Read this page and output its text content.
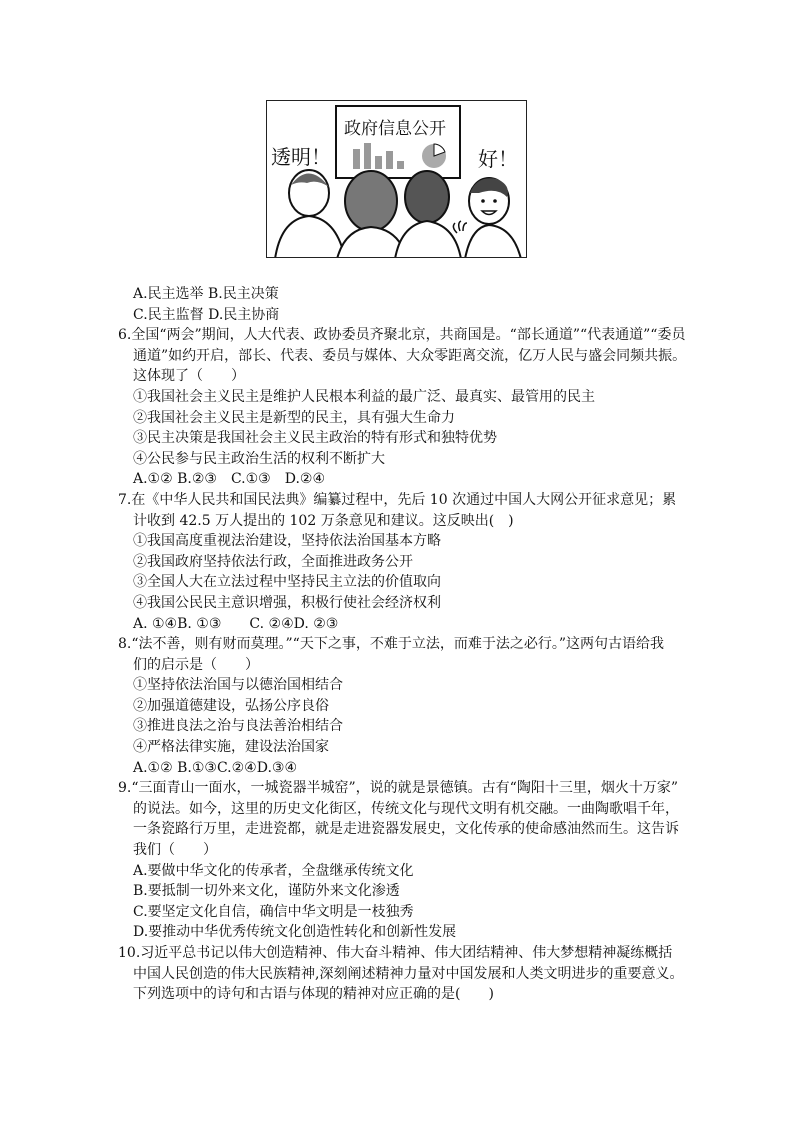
透明！	好！
政府信息公开
A.民主选举 B.民主决策
C.民主监督 D.民主协商
6.全国“两会”期间，人大代表、政协委员齐聚北京，共商国是。“部长通道”“代表通道”“委员
通道”如约开启，部长、代表、委员与媒体、大众零距离交流，亿万人民与盛会同频共振。
这体现了（　　）
①我国社会主义民主是维护人民根本利益的最广泛、最真实、最管用的民主
②我国社会主义民主是新型的民主，具有强大生命力
③民主决策是我国社会主义民主政治的特有形式和独特优势
④公民参与民主政治生活的权利不断扩大
A.①② B.②③　C.①③　D.②④
7.在《中华人民共和国民法典》编纂过程中，先后 10 次通过中国人大网公开征求意见；累
计收到 42.5 万人提出的 102 万条意见和建议。这反映出(　)
①我国高度重视法治建设，坚持依法治国基本方略
②我国政府坚持依法行政，全面推进政务公开
③全国人大在立法过程中坚持民主立法的价值取向
④我国公民民主意识增强，积极行使社会经济权利
A. ①④B. ①③　　C. ②④D. ②③
8.“法不善，则有财而莫理。”“天下之事，不难于立法，而难于法之必行。”这两句古语给我
们的启示是（　　）
①坚持依法治国与以德治国相结合
②加强道德建设，弘扬公序良俗
③推进良法之治与良法善治相结合
④严格法律实施，建设法治国家
A.①② B.①③C.②④D.③④
9.“三面青山一面水，一城瓷器半城窑”，说的就是景德镇。古有“陶阳十三里，烟火十万家”
的说法。如今，这里的历史文化街区，传统文化与现代文明有机交融。一曲陶歌唱千年，
一条瓷路行万里，走进瓷都，就是走进瓷器发展史，文化传承的使命感油然而生。这告诉
我们（　　）
A.要做中华文化的传承者，全盘继承传统文化
B.要抵制一切外来文化，谨防外来文化渗透
C.要坚定文化自信，确信中华文明是一枝独秀
D.要推动中华优秀传统文化创造性转化和创新性发展
10.习近平总书记以伟大创造精神、伟大奋斗精神、伟大团结精神、伟大梦想精神凝练概括
中国人民创造的伟大民族精神,深刻阐述精神力量对中国发展和人类文明进步的重要意义。
下列选项中的诗句和古语与体现的精神对应正确的是(　　)
